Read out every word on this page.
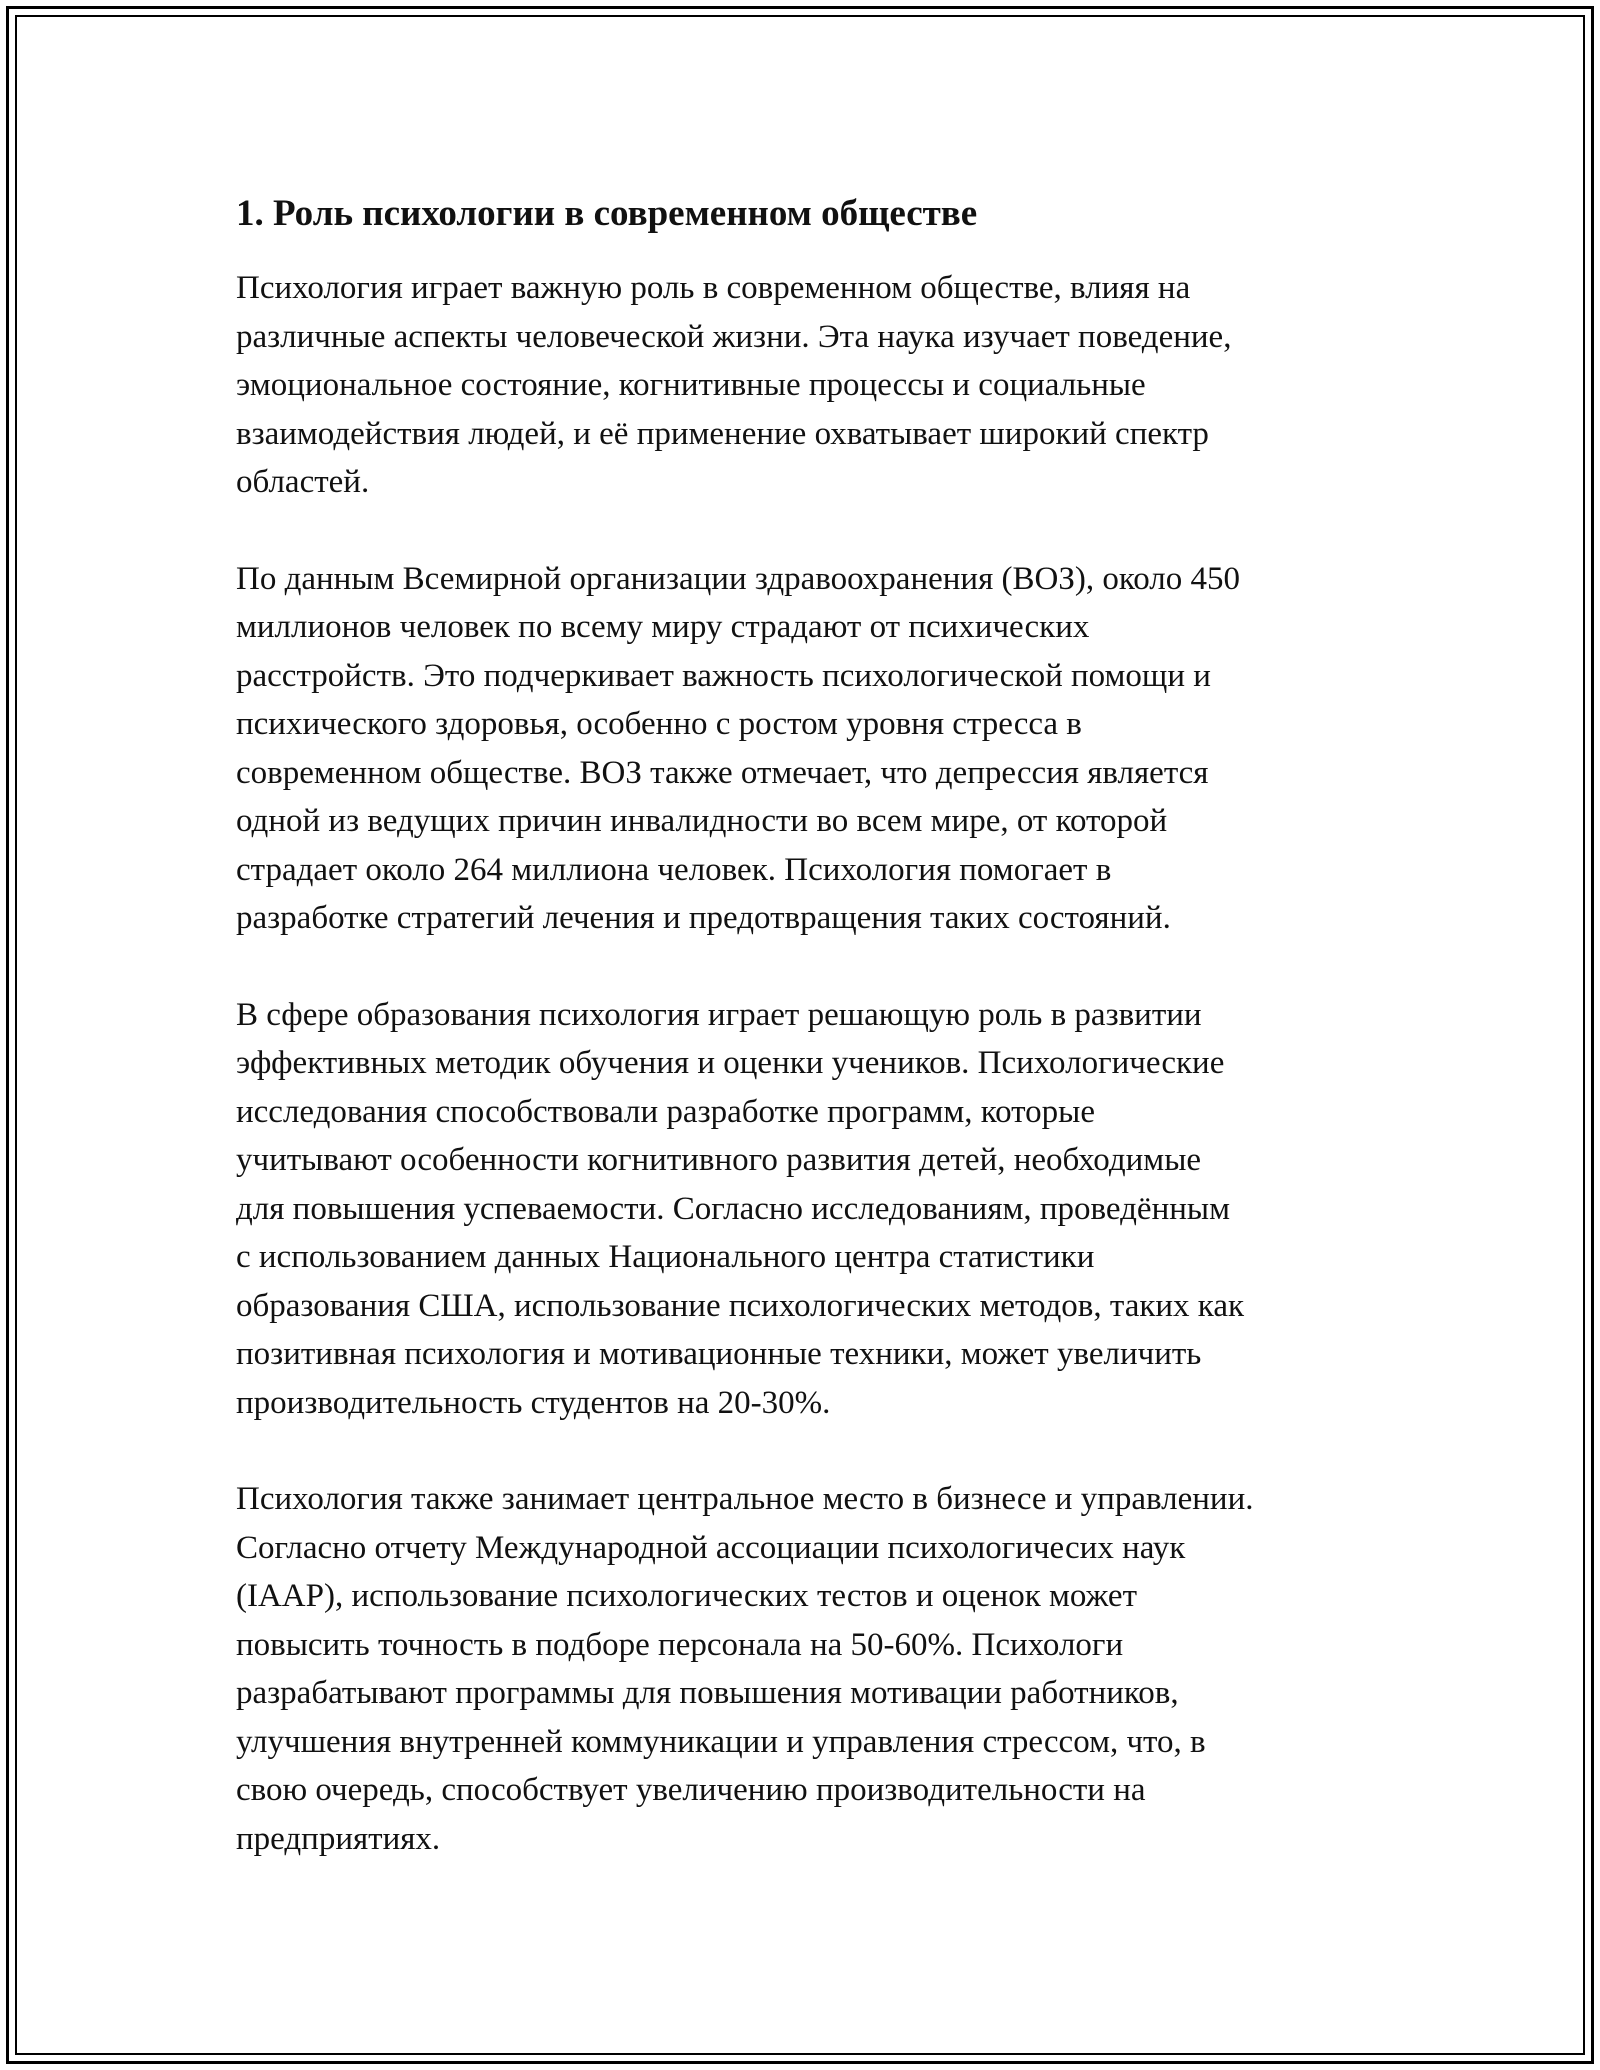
1. Роль психологии в современном обществе

Психология играет важную роль в современном обществе, влияя на
различные аспекты человеческой жизни. Эта наука изучает поведение,
эмоциональное состояние, когнитивные процессы и социальные
взаимодействия людей, и её применение охватывает широкий спектр
областей.

По данным Всемирной организации здравоохранения (ВОЗ), около 450
миллионов человек по всему миру страдают от психических
расстройств. Это подчеркивает важность психологической помощи и
психического здоровья, особенно с ростом уровня стресса в
современном обществе. ВОЗ также отмечает, что депрессия является
одной из ведущих причин инвалидности во всем мире, от которой
страдает около 264 миллиона человек. Психология помогает в
разработке стратегий лечения и предотвращения таких состояний.

В сфере образования психология играет решающую роль в развитии
эффективных методик обучения и оценки учеников. Психологические
исследования способствовали разработке программ, которые
учитывают особенности когнитивного развития детей, необходимые
для повышения успеваемости. Согласно исследованиям, проведённым
с использованием данных Национального центра статистики
образования США, использование психологических методов, таких как
позитивная психология и мотивационные техники, может увеличить
производительность студентов на 20-30%.

Психология также занимает центральное место в бизнесе и управлении.
Согласно отчету Международной ассоциации психологичесих наук
(IAAP), использование психологических тестов и оценок может
повысить точность в подборе персонала на 50-60%. Психологи
разрабатывают программы для повышения мотивации работников,
улучшения внутренней коммуникации и управления стрессом, что, в
свою очередь, способствует увеличению производительности на
предприятиях.
